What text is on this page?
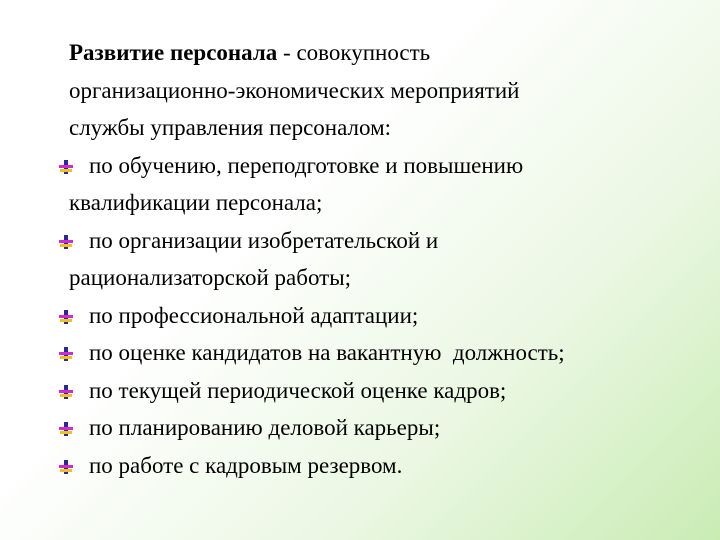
Развитие персонала - совокупность
организационно-экономических мероприятий
службы управления персоналом:
по обучению, переподготовке и повышению
квалификации персонала;
по организации изобретательской и
рационализаторской работы;
по профессиональной адаптации;
по оценке кандидатов на вакантную  должность;
по текущей периодической оценке кадров;
по планированию деловой карьеры;
по работе с кадровым резервом.
